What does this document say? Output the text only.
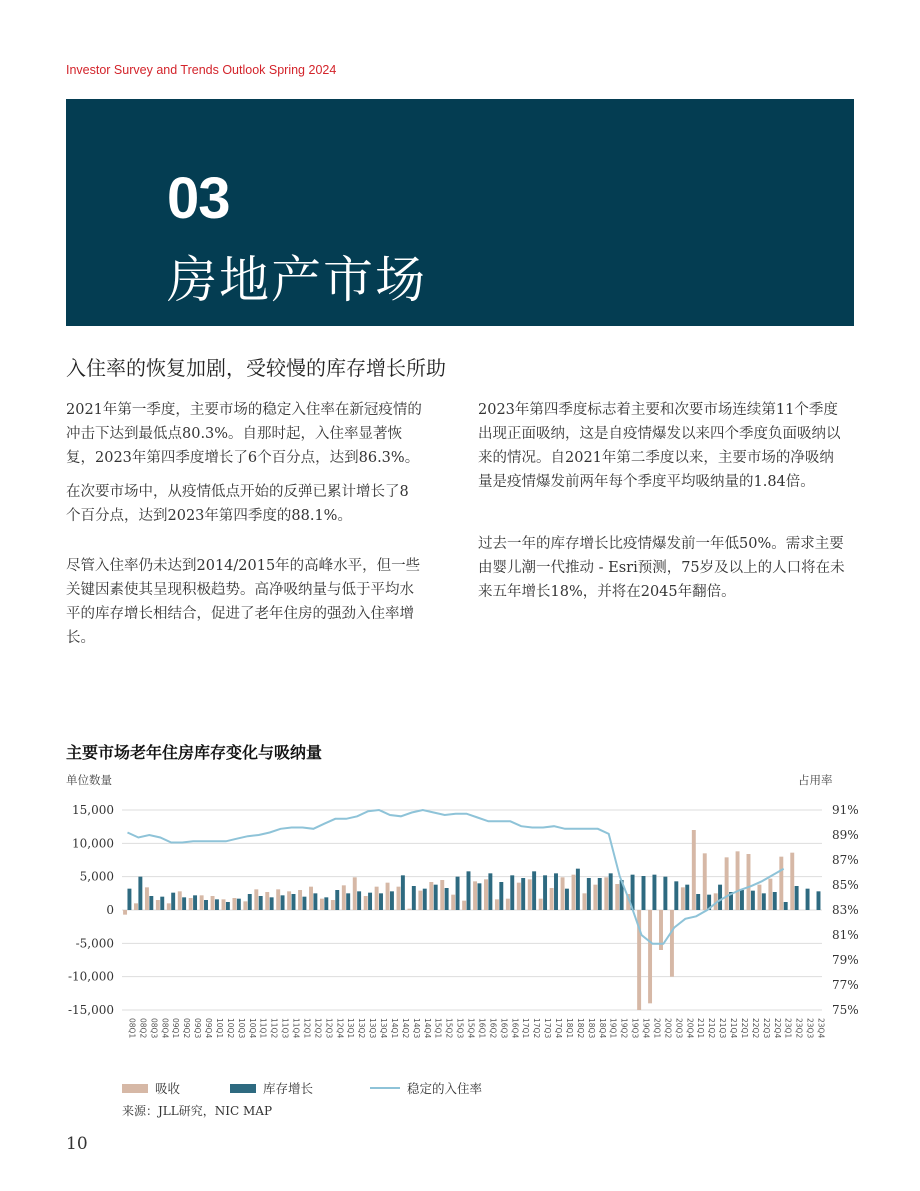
Investor Survey and Trends Outlook Spring 2024
03
房地产市场
入住率的恢复加剧，受较慢的库存增长所助

2021年第一季度，主要市场的稳定入住率在新冠疫情的冲击下达到最低点80.3%。自那时起，入住率显著恢复，2023年第四季度增长了6个百分点，达到86.3%。

在次要市场中，从疫情低点开始的反弹已累计增长了8个百分点，达到2023年第四季度的88.1%。

尽管入住率仍未达到2014/2015年的高峰水平，但一些关键因素使其呈现积极趋势。高净吸纳量与低于平均水平的库存增长相结合，促进了老年住房的强劲入住率增长。

2023年第四季度标志着主要和次要市场连续第11个季度出现正面吸纳，这是自疫情爆发以来四个季度负面吸纳以来的情况。自2021年第二季度以来，主要市场的净吸纳量是疫情爆发前两年每个季度平均吸纳量的1.84倍。

过去一年的库存增长比疫情爆发前一年低50%。需求主要由婴儿潮一代推动 - Esri预测，75岁及以上的人口将在未来五年增长18%，并将在2045年翻倍。

主要市场老年住房库存变化与吸纳量
单位数量	占用率
15,000
10,000
5,000
0
-5,000
-10,000
-15,000
91%
89%
87%
85%
83%
81%
79%
77%
75%
08Q1 08Q2 08Q3 08Q4 09Q1 09Q2 09Q3 09Q4 10Q1 10Q2 10Q3 10Q4 11Q1 11Q2 11Q3 11Q4 12Q1 12Q2 12Q3 12Q4 13Q1 13Q2 13Q3 13Q4 14Q1 14Q2 14Q3 14Q4 15Q1 15Q2 15Q3 15Q4 16Q1 16Q2 16Q3 16Q4 17Q1 17Q2 17Q3 17Q4 18Q1 18Q2 18Q3 18Q4 19Q1 19Q2 19Q3 19Q4 20Q1 20Q2 20Q3 20Q4 21Q1 21Q2 21Q3 21Q4 22Q1 22Q2 22Q3 22Q4 23Q1 23Q2 23Q3 23Q4
吸收	库存增长	稳定的入住率
来源：JLL研究，NIC MAP
10
